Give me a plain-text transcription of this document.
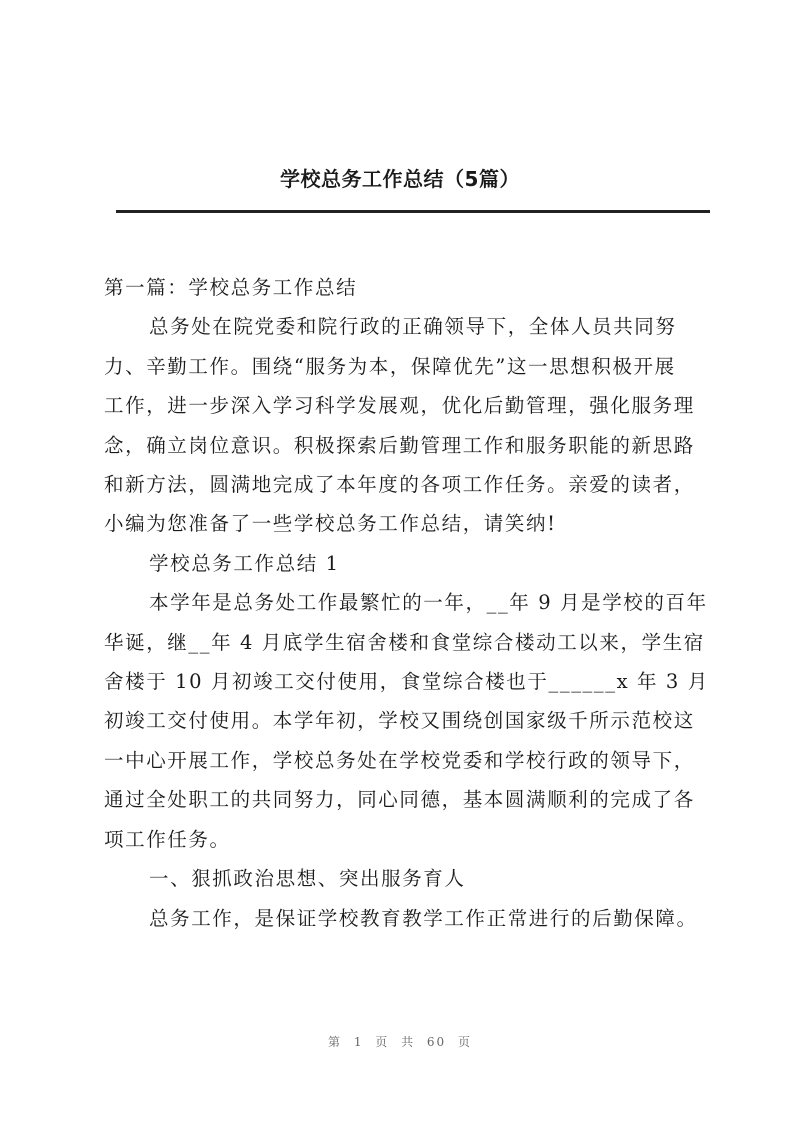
学校总务工作总结（5篇）

第一篇：学校总务工作总结

总务处在院党委和院行政的正确领导下，全体人员共同努

力、辛勤工作。围绕“服务为本，保障优先”这一思想积极开展

工作，进一步深入学习科学发展观，优化后勤管理，强化服务理

念，确立岗位意识。积极探索后勤管理工作和服务职能的新思路

和新方法，圆满地完成了本年度的各项工作任务。亲爱的读者，

小编为您准备了一些学校总务工作总结，请笑纳!

学校总务工作总结 1

本学年是总务处工作最繁忙的一年，__年 9 月是学校的百年

华诞，继__年 4 月底学生宿舍楼和食堂综合楼动工以来，学生宿

舍楼于 10 月初竣工交付使用，食堂综合楼也于______x 年 3 月

初竣工交付使用。本学年初，学校又围绕创国家级千所示范校这

一中心开展工作，学校总务处在学校党委和学校行政的领导下，

通过全处职工的共同努力，同心同德，基本圆满顺利的完成了各

项工作任务。

一、狠抓政治思想、突出服务育人

总务工作，是保证学校教育教学工作正常进行的后勤保障。

第 1 页 共 60 页
